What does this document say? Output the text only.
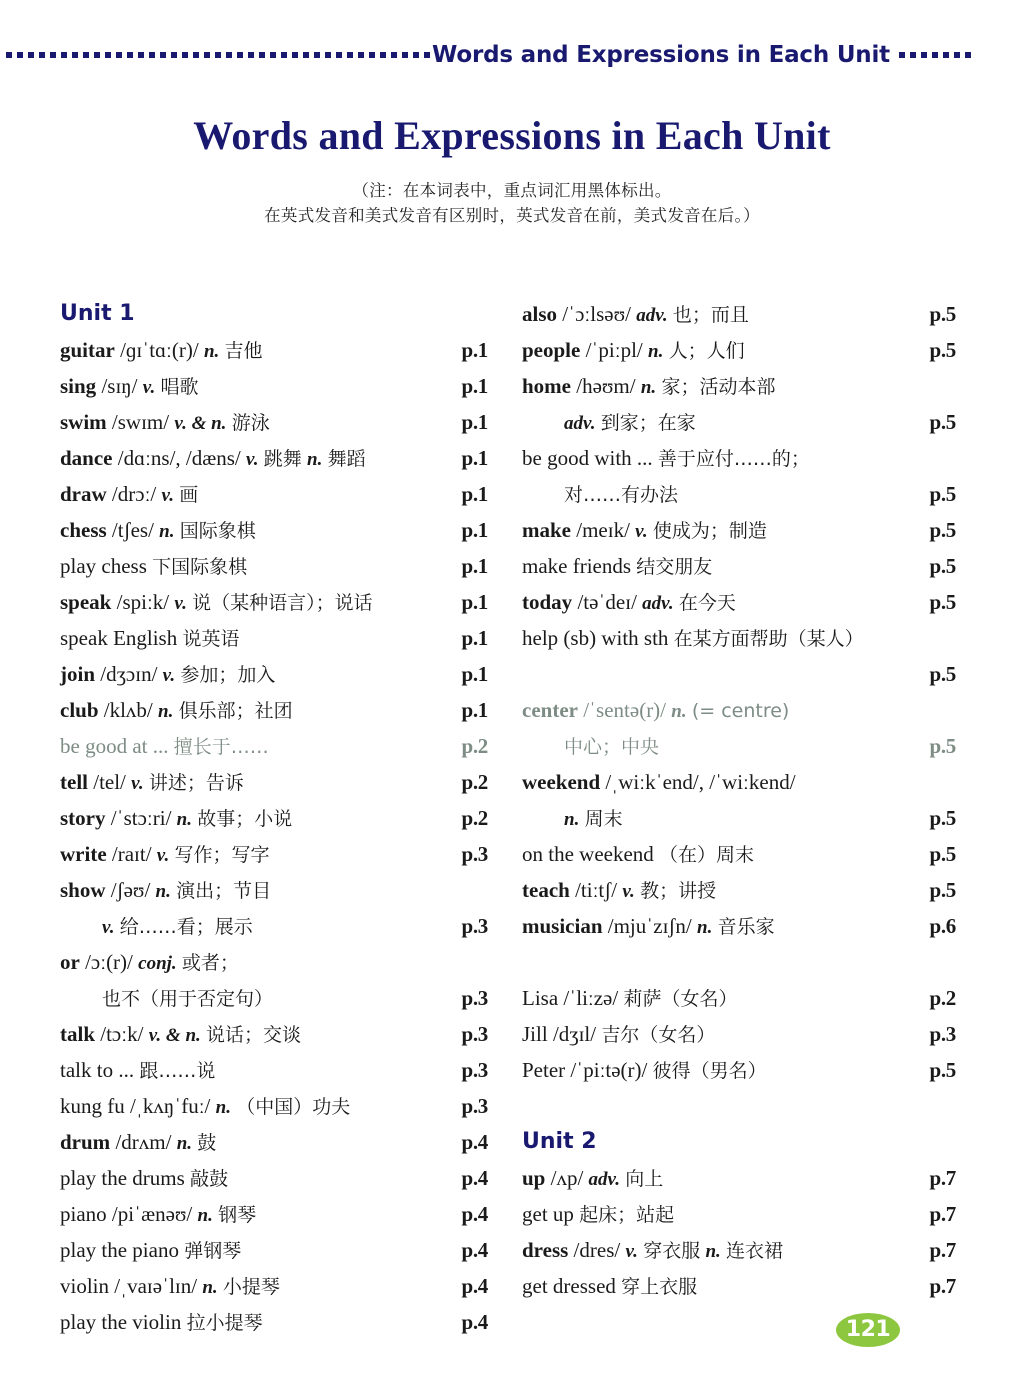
Words and Expressions in Each Unit
Words and Expressions in Each Unit
（注：在本词表中，重点词汇用黑体标出。
在英式发音和美式发音有区别时，英式发音在前，美式发音在后。）
Unit 1
guitar /ɡɪˈtɑː(r)/ n. 吉他	p.1
sing /sɪŋ/ v. 唱歌	p.1
swim /swɪm/ v. & n. 游泳	p.1
dance /dɑːns/, /dæns/ v. 跳舞 n. 舞蹈	p.1
draw /drɔː/ v. 画	p.1
chess /tʃes/ n. 国际象棋	p.1
play chess 下国际象棋	p.1
speak /spiːk/ v. 说（某种语言）；说话	p.1
speak English 说英语	p.1
join /dʒɔɪn/ v. 参加；加入	p.1
club /klʌb/ n. 俱乐部；社团	p.1
be good at ... 擅长于……	p.2
tell /tel/ v. 讲述；告诉	p.2
story /ˈstɔːri/ n. 故事；小说	p.2
write /raɪt/ v. 写作；写字	p.3
show /ʃəʊ/ n. 演出；节目
v. 给……看；展示	p.3
or /ɔː(r)/ conj. 或者；
也不（用于否定句）	p.3
talk /tɔːk/ v. & n. 说话；交谈	p.3
talk to ... 跟……说	p.3
kung fu /ˌkʌŋˈfuː/ n. （中国）功夫	p.3
drum /drʌm/ n. 鼓	p.4
play the drums 敲鼓	p.4
piano /piˈænəʊ/ n. 钢琴	p.4
play the piano 弹钢琴	p.4
violin /ˌvaɪəˈlɪn/ n. 小提琴	p.4
play the violin 拉小提琴	p.4
also /ˈɔːlsəʊ/ adv. 也；而且	p.5
people /ˈpiːpl/ n. 人；人们	p.5
home /həʊm/ n. 家；活动本部
adv. 到家；在家	p.5
be good with ... 善于应付……的；
对……有办法	p.5
make /meɪk/ v. 使成为；制造	p.5
make friends 结交朋友	p.5
today /təˈdeɪ/ adv. 在今天	p.5
help (sb) with sth 在某方面帮助（某人）
p.5
center /ˈsentə(r)/ n. (= centre)
中心；中央	p.5
weekend /ˌwiːkˈend/, /ˈwiːkend/
n. 周末	p.5
on the weekend （在）周末	p.5
teach /tiːtʃ/ v. 教；讲授	p.5
musician /mjuˈzɪʃn/ n. 音乐家	p.6
Lisa /ˈliːzə/ 莉萨（女名）	p.2
Jill /dʒɪl/ 吉尔（女名）	p.3
Peter /ˈpiːtə(r)/ 彼得（男名）	p.5
Unit 2
up /ʌp/ adv. 向上	p.7
get up 起床；站起	p.7
dress /dres/ v. 穿衣服 n. 连衣裙	p.7
get dressed 穿上衣服	p.7
121
